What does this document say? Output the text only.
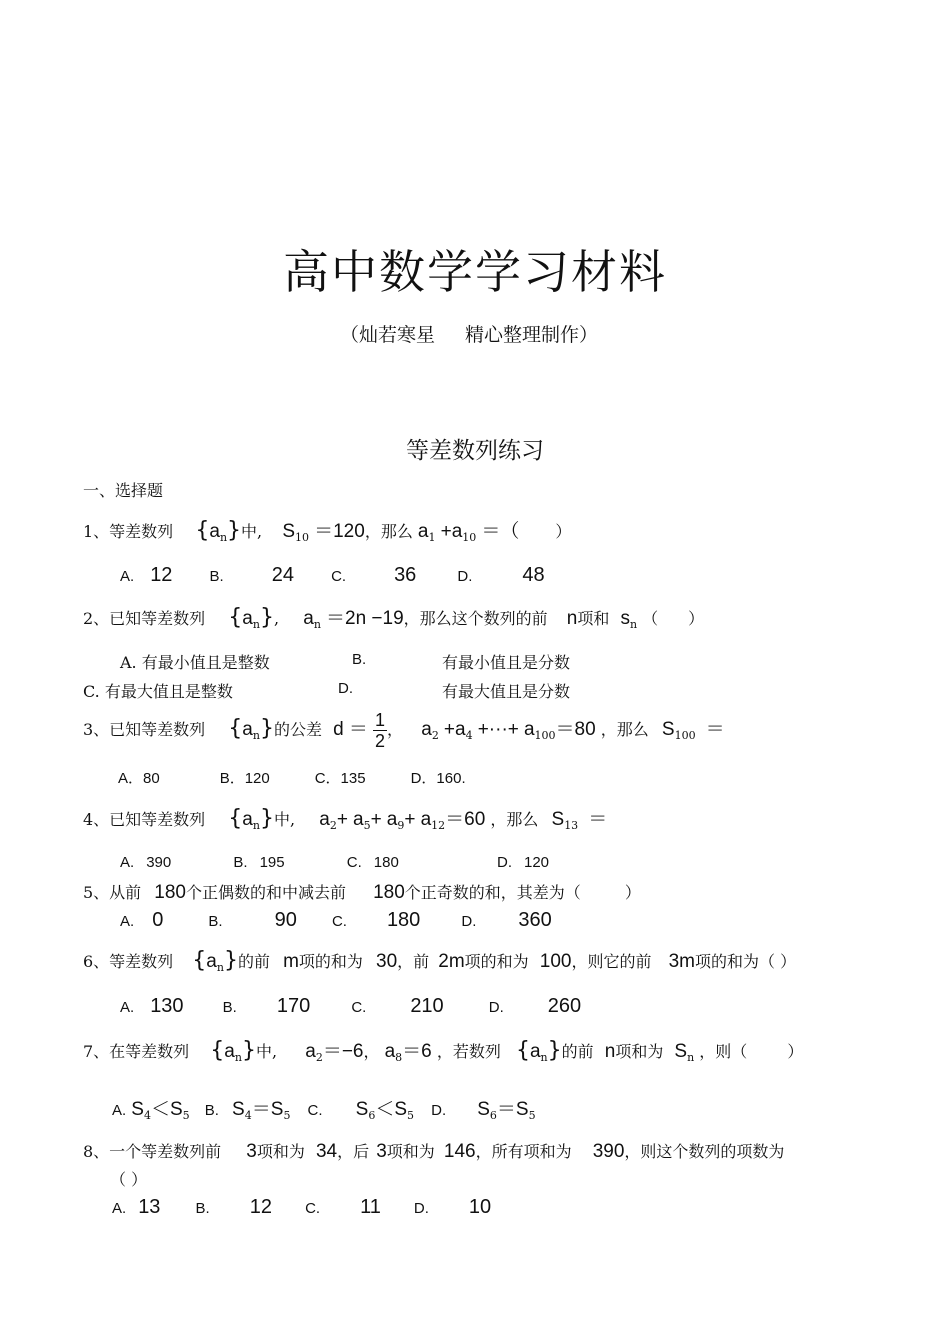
高中数学学习材料
（灿若寒星 精心整理制作）
等差数列练习
一、选择题
1、等差数列 $\{a_n\}$中, $S_{10} =120$，那么 $a_1 +a_{10}$ ＝（ ）
A. 12 B. 24 C. 36	D.	48
2、已知等差数列 $\{a_n\}$, $a_n =2n -19$，那么这个数列的前 n项和 $s_n$ （ ）
A. 有最小值且是整数	B.	有最小值且是分数
C. 有最大值且是整数	D.	有最大值且是分数
3、已知等差数列 $\{a_n\}$的公差 $d = \frac{1}{2}$ ， $a_2 +a_4$ +···+ $a_{100}=80$ ，那么 $S_{100}$ ＝
A．80　　　　B．120　　　C．135　　　D．160.
4、已知等差数列 $\{a_n\}$中, $a_2+ a_5+ a_9+ a_{12}=60$ ，那么 $S_{13}$ ＝
A. 390	B. 195	C. 180	D. 120
5、从前 180个正偶数的和中减去前 180个正奇数的和，其差为（	）
A. 0	B.	90 C. 180	D. 360
6、等差数列 $\{a_n\}$的前 m项的和为 30，前 2m项的和为 100，则它的前 3m项的和为（ ）
A. 130	B. 170	C. 210	D. 260
7、在等差数列 $\{a_n\}$中, $a_2=-6$， $a_8=6$ ，若数列 $\{a_n\}$的前 n项和为 $S_n$ ，则（	）
A. $S_4<S_5$ B. $S_4=S_5$ C. $S_6<S_5$ D. $S_6=S_5$
8、一个等差数列前 3项和为 34，后 3项和为 146，所有项和为 390，则这个数列的项数为
（ ）
A. 13 B. 12 C. 11 D. 10
